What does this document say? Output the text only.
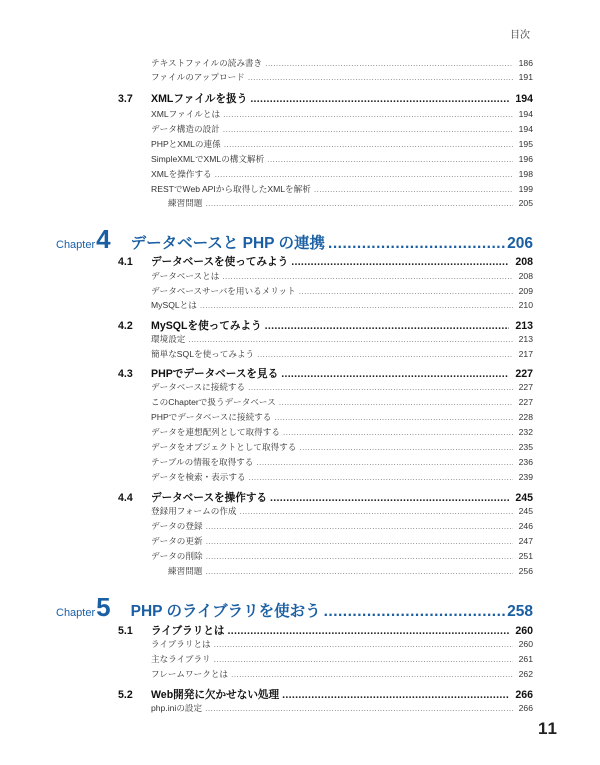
目次
テキストファイルの読み書き .....	186
ファイルのアップロード .....	191
3.7	XMLファイルを扱う .....	194
XMLファイルとは .....	194
データ構造の設計 .....	194
PHPとXMLの連係 .....	195
SimpleXMLでXMLの構文解析 .....	196
XMLを操作する .....	198
RESTでWeb APIから取得したXMLを解析 .....	199
練習問題 .....	205
Chapter 4 データベースと PHP の連携 .....	206
4.1	データベースを使ってみよう .....	208
データベースとは .....	208
データベースサーバを用いるメリット .....	209
MySQLとは .....	210
4.2	MySQLを使ってみよう .....	213
環境設定 .....	213
簡単なSQLを使ってみよう .....	217
4.3	PHPでデータベースを見る .....	227
データベースに接続する .....	227
このChapterで扱うデータベース .....	227
PHPでデータベースに接続する .....	228
データを連想配列として取得する .....	232
データをオブジェクトとして取得する .....	235
テーブルの情報を取得する .....	236
データを検索・表示する .....	239
4.4	データベースを操作する .....	245
登録用フォームの作成 .....	245
データの登録 .....	246
データの更新 .....	247
データの削除 .....	251
練習問題 .....	256
Chapter 5 PHP のライブラリを使おう .....	258
5.1	ライブラリとは .....	260
ライブラリとは .....	260
主なライブラリ .....	261
フレームワークとは .....	262
5.2	Web開発に欠かせない処理 .....	266
php.iniの設定 .....	266
11
